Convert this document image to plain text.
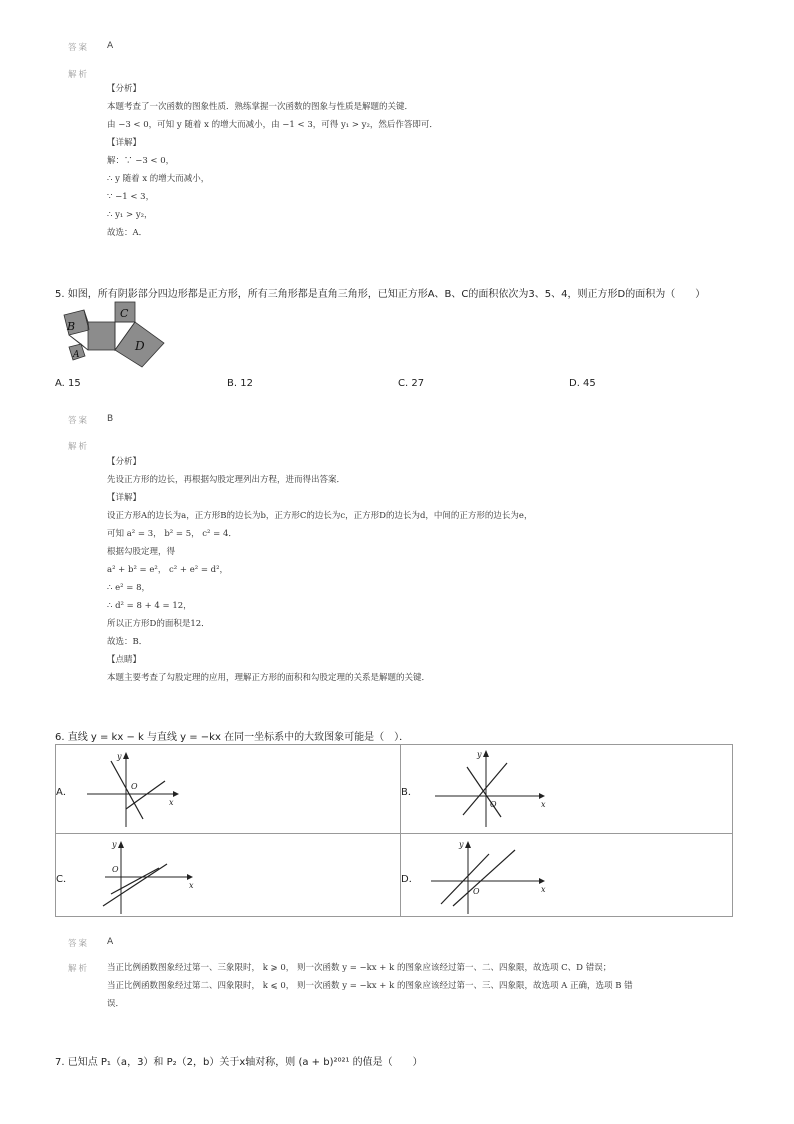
答案 A
解析
【分析】
本题考查了一次函数的图象性质．熟练掌握一次函数的图象与性质是解题的关键．
由 −3 < 0，可知 y 随着 x 的增大而减小，由 −1 < 3，可得 y₁ > y₂，然后作答即可．
【详解】
解：∵ −3 < 0，
∴ y 随着 x 的增大而减小，
∵ −1 < 3，
∴ y₁ > y₂，
故选：A．
5. 如图，所有阴影部分四边形都是正方形，所有三角形都是直角三角形，已知正方形A、B、C的面积依次为3、5、4，则正方形D的面积为（　　）
B
A
C
D
A. 15	B. 12	C. 27	D. 45
答案 B
解析
【分析】
先设正方形的边长，再根据勾股定理列出方程，进而得出答案．
【详解】
设正方形A的边长为a，正方形B的边长为b，正方形C的边长为c，正方形D的边长为d，中间的正方形的边长为e，
可知 a² = 3， b² = 5， c² = 4．
根据勾股定理，得
a² + b² = e²， c² + e² = d²，
∴ e² = 8，
∴ d² = 8 + 4 = 12，
所以正方形D的面积是12．
故选：B．
【点睛】
本题主要考查了勾股定理的应用，理解正方形的面积和勾股定理的关系是解题的关键．
6. 直线 y = kx − k 与直线 y = −kx 在同一坐标系中的大致图象可能是（　）．
A．
y
x
O
B．
y
x
O
C．
y
x
O
D．
y
x
O
答案 A
解析 当正比例函数图象经过第一、三象限时， k ⩾ 0， 则一次函数 y = −kx + k 的图象应该经过第一、二、四象限，故选项 C、D 错误；
当正比例函数图象经过第二、四象限时， k ⩽ 0， 则一次函数 y = −kx + k 的图象应该经过第一、三、四象限，故选项 A 正确，选项 B 错
误．
7. 已知点 P₁（a，3）和 P₂（2，b）关于x轴对称，则 (a + b)²⁰²¹ 的值是（　　）
